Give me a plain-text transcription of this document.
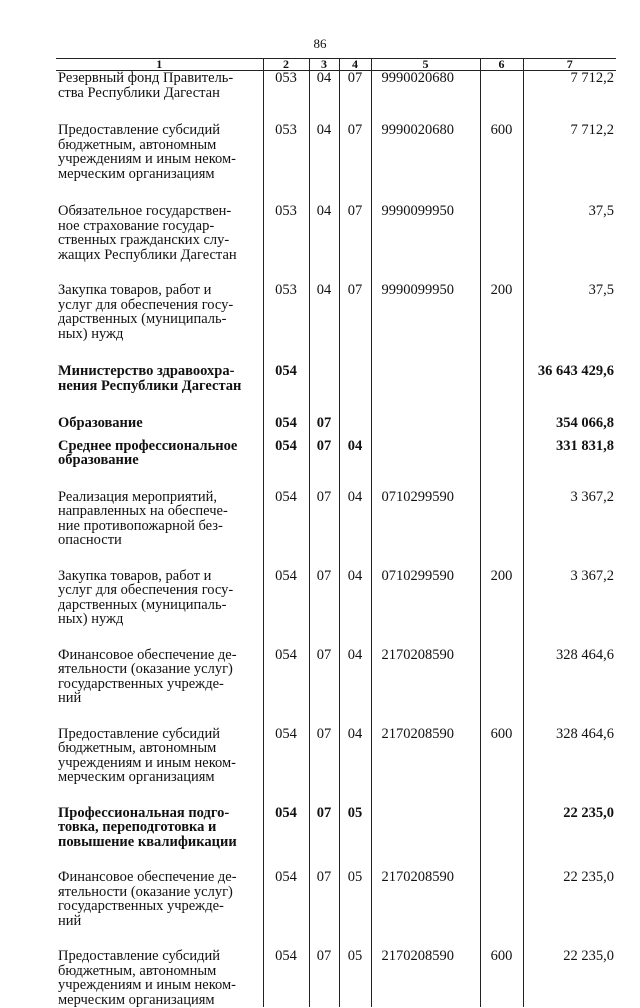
86
1	2	3	4	5	6	7
Резервный фонд Правитель-
ства Республики Дагестан	053	04	07	9990020680		7 712,2
Предоставление субсидий
бюджетным, автономным
учреждениям и иным неком-
мерческим организациям	053	04	07	9990020680	600	7 712,2
Обязательное государствен-
ное страхование государ-
ственных гражданских слу-
жащих Республики Дагестан	053	04	07	9990099950		37,5
Закупка товаров, работ и
услуг для обеспечения госу-
дарственных (муниципаль-
ных) нужд	053	04	07	9990099950	200	37,5
Министерство здравоохра-
нения Республики Дагестан	054					36 643 429,6
Образование	054	07				354 066,8
Среднее профессиональное
образование	054	07	04			331 831,8
Реализация мероприятий,
направленных на обеспече-
ние противопожарной без-
опасности	054	07	04	0710299590		3 367,2
Закупка товаров, работ и
услуг для обеспечения госу-
дарственных (муниципаль-
ных) нужд	054	07	04	0710299590	200	3 367,2
Финансовое обеспечение де-
ятельности (оказание услуг)
государственных учрежде-
ний	054	07	04	2170208590		328 464,6
Предоставление субсидий
бюджетным, автономным
учреждениям и иным неком-
мерческим организациям	054	07	04	2170208590	600	328 464,6
Профессиональная подго-
товка, переподготовка и
повышение квалификации	054	07	05			22 235,0
Финансовое обеспечение де-
ятельности (оказание услуг)
государственных учрежде-
ний	054	07	05	2170208590		22 235,0
Предоставление субсидий
бюджетным, автономным
учреждениям и иным неком-
мерческим организациям	054	07	05	2170208590	600	22 235,0
